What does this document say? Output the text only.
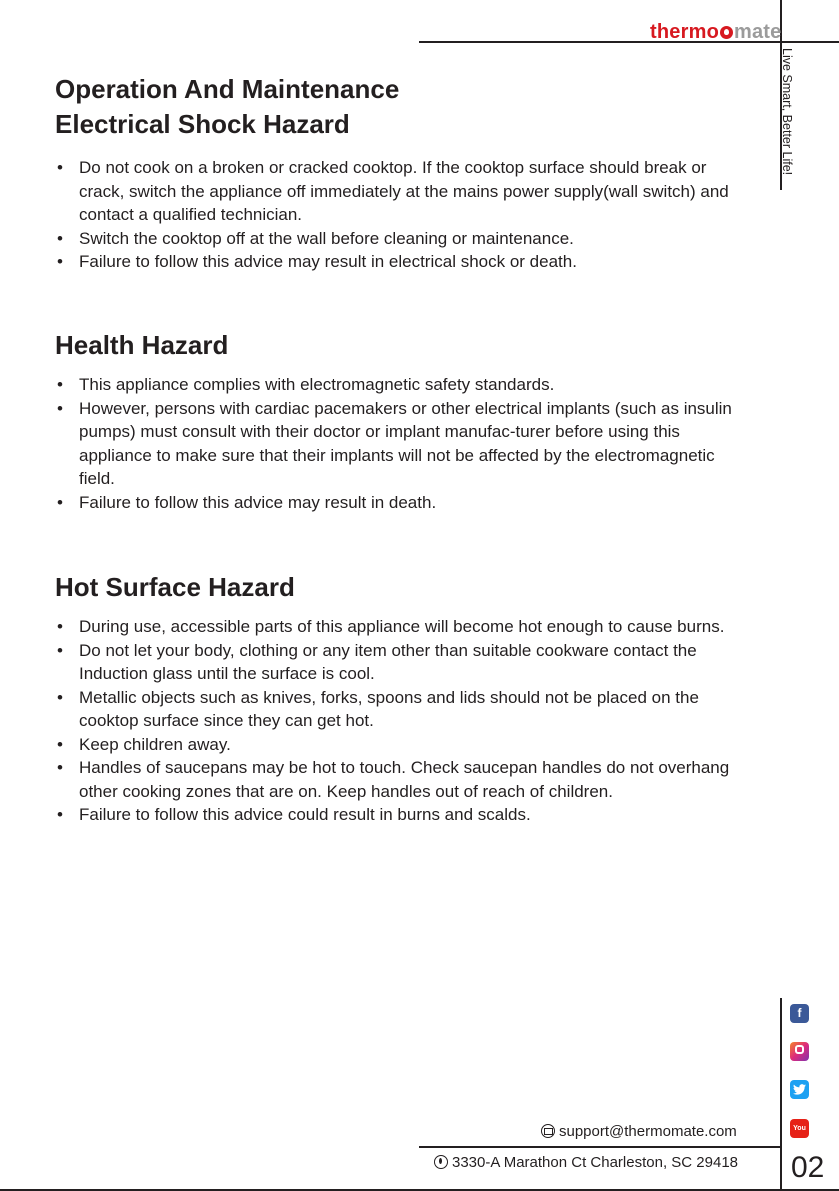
thermo mate
Live Smart, Better Life!
Operation And Maintenance
Electrical Shock Hazard
• Do not cook on a broken or cracked cooktop. If the cooktop surface should break or crack, switch the appliance off immediately at the mains power supply(wall switch) and contact a qualified technician.
• Switch the cooktop off at the wall before cleaning or maintenance.
• Failure to follow this advice may result in electrical shock or death.
Health Hazard
• This appliance complies with electromagnetic safety standards.
• However, persons with cardiac pacemakers or other electrical implants (such as insulin pumps) must consult with their doctor or implant manufac-turer before using this appliance to make sure that their implants will not be affected by the electromagnetic field.
• Failure to follow this advice may result in death.
Hot Surface Hazard
• During use, accessible parts of this appliance will become hot enough to cause burns.
• Do not let your body, clothing or any item other than suitable cookware contact the Induction glass until the surface is cool.
• Metallic objects such as knives, forks, spoons and lids should not be placed on the cooktop surface since they can get hot.
• Keep children away.
• Handles of saucepans may be hot to touch. Check saucepan handles do not overhang other cooking zones that are on. Keep handles out of reach of children.
• Failure to follow this advice could result in burns and scalds.
f
You Tube
support@thermomate.com
3330-A Marathon Ct Charleston, SC 29418 02
